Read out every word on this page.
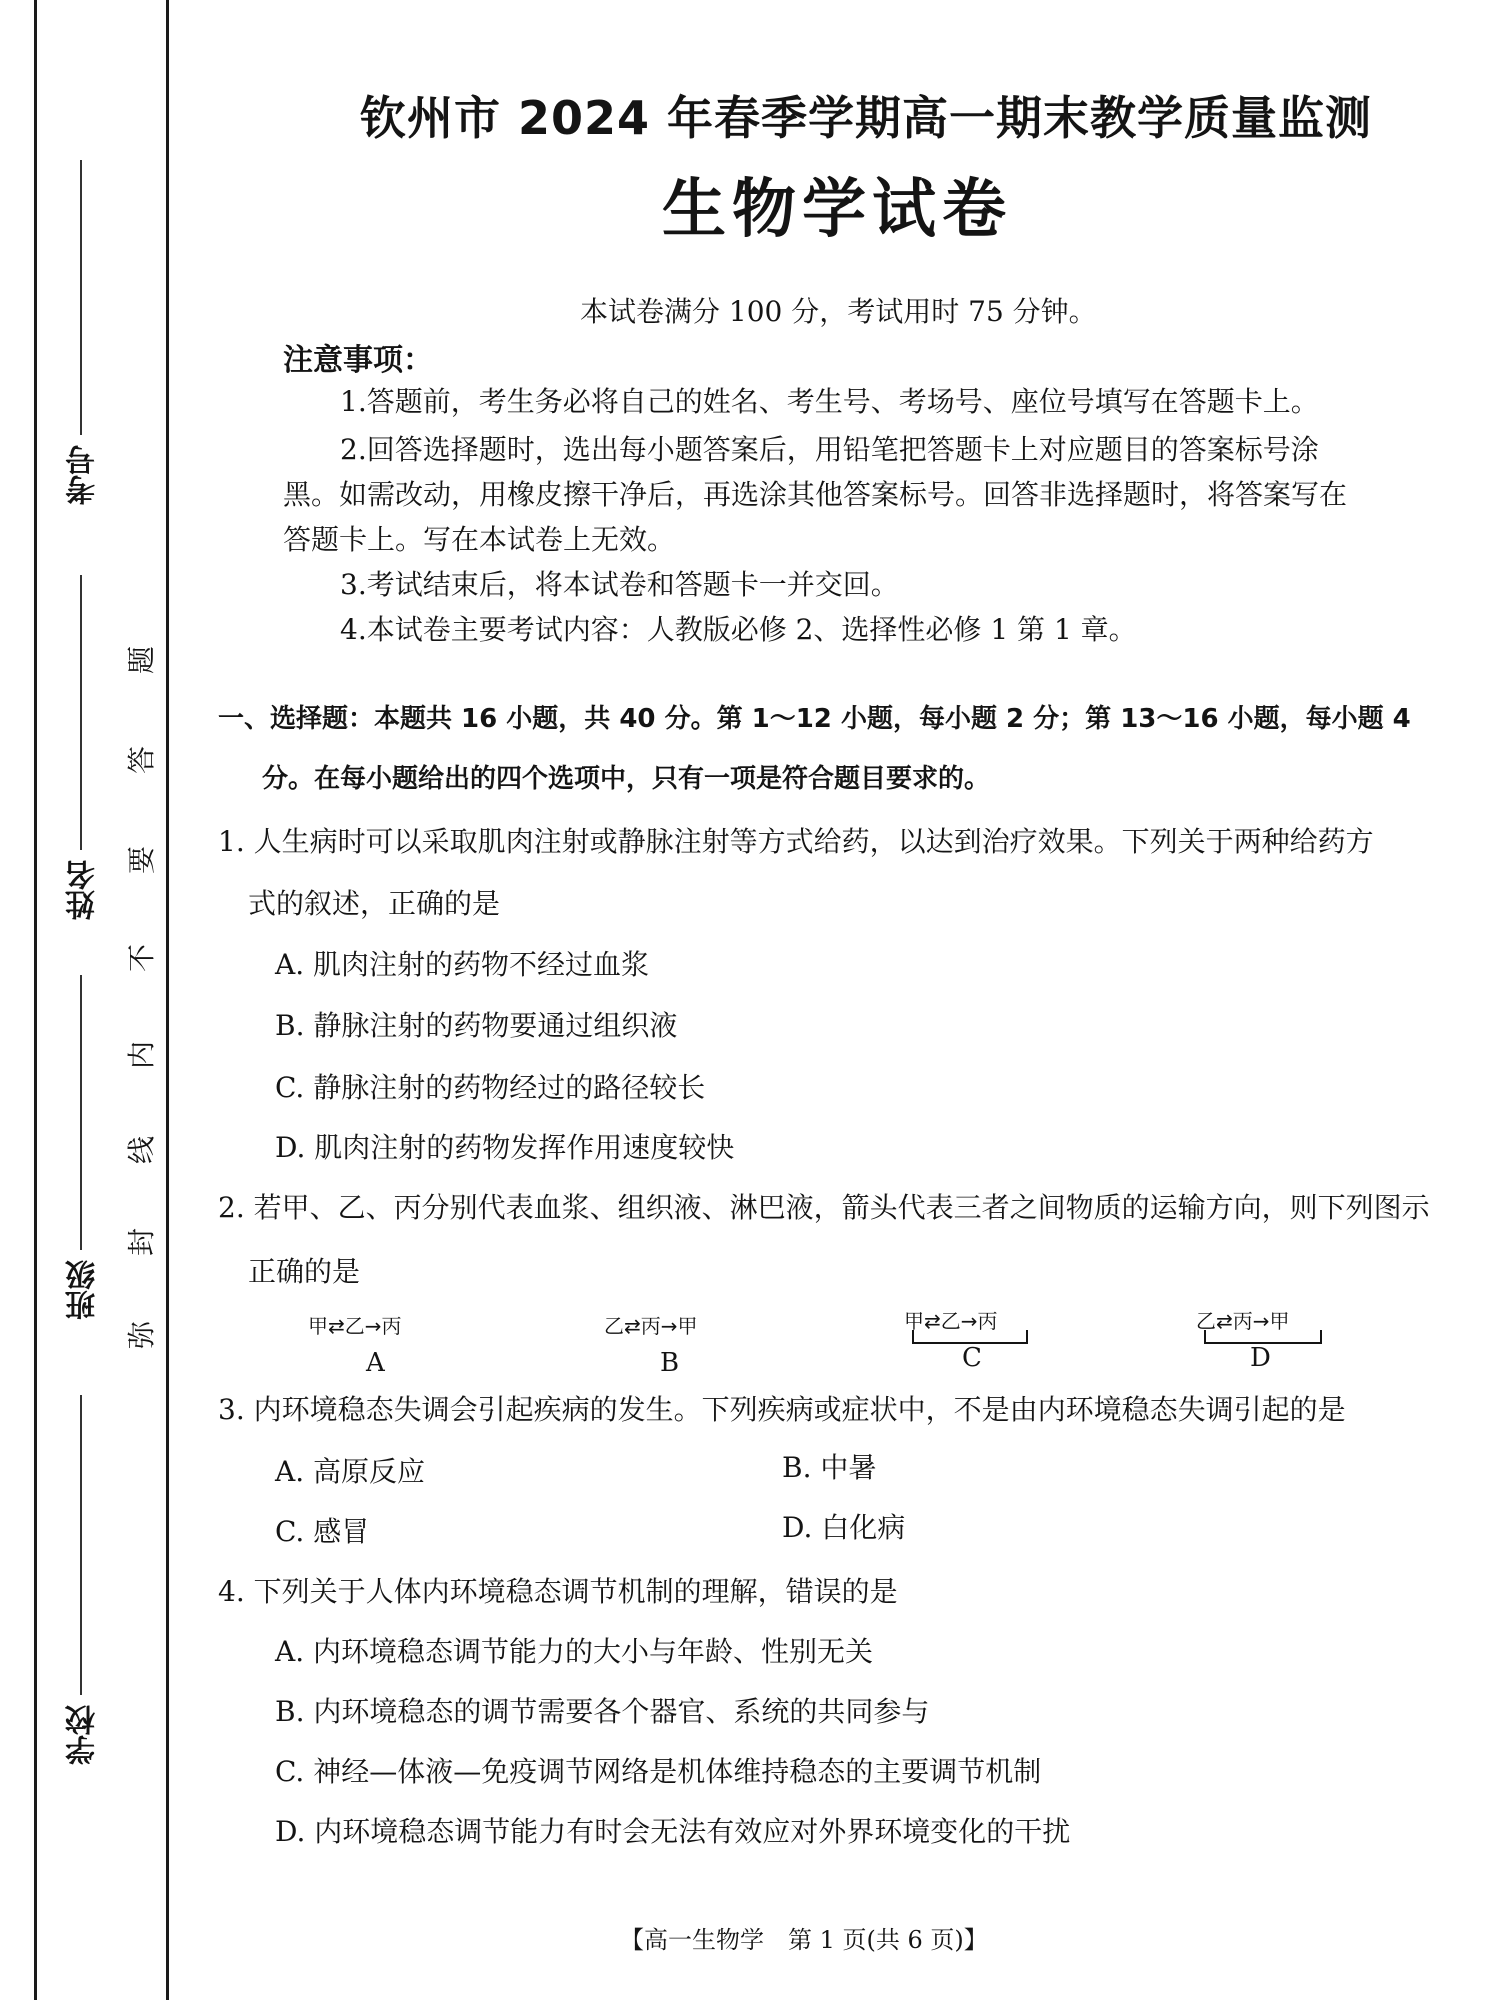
考号
姓名
班级
学校
题
答
要
不
内
线
封
弥
钦州市 2024 年春季学期高一期末教学质量监测
生物学试卷
本试卷满分 100 分，考试用时 75 分钟。
注意事项：
1.答题前，考生务必将自己的姓名、考生号、考场号、座位号填写在答题卡上。
2.回答选择题时，选出每小题答案后，用铅笔把答题卡上对应题目的答案标号涂
黑。如需改动，用橡皮擦干净后，再选涂其他答案标号。回答非选择题时，将答案写在
答题卡上。写在本试卷上无效。
3.考试结束后，将本试卷和答题卡一并交回。
4.本试卷主要考试内容：人教版必修 2、选择性必修 1 第 1 章。
一、选择题：本题共 16 小题，共 40 分。第 1～12 小题，每小题 2 分；第 13～16 小题，每小题 4
分。在每小题给出的四个选项中，只有一项是符合题目要求的。
1. 人生病时可以采取肌肉注射或静脉注射等方式给药，以达到治疗效果。下列关于两种给药方
式的叙述，正确的是
A. 肌肉注射的药物不经过血浆
B. 静脉注射的药物要通过组织液
C. 静脉注射的药物经过的路径较长
D. 肌肉注射的药物发挥作用速度较快
2. 若甲、乙、丙分别代表血浆、组织液、淋巴液，箭头代表三者之间物质的运输方向，则下列图示
正确的是
甲⇄乙→丙
A
乙⇄丙→甲
B
甲⇄乙→丙
C
乙⇄丙→甲
D
3. 内环境稳态失调会引起疾病的发生。下列疾病或症状中，不是由内环境稳态失调引起的是
A. 高原反应	B. 中暑
C. 感冒	D. 白化病
4. 下列关于人体内环境稳态调节机制的理解，错误的是
A. 内环境稳态调节能力的大小与年龄、性别无关
B. 内环境稳态的调节需要各个器官、系统的共同参与
C. 神经—体液—免疫调节网络是机体维持稳态的主要调节机制
D. 内环境稳态调节能力有时会无法有效应对外界环境变化的干扰
【高一生物学　第 1 页(共 6 页)】
